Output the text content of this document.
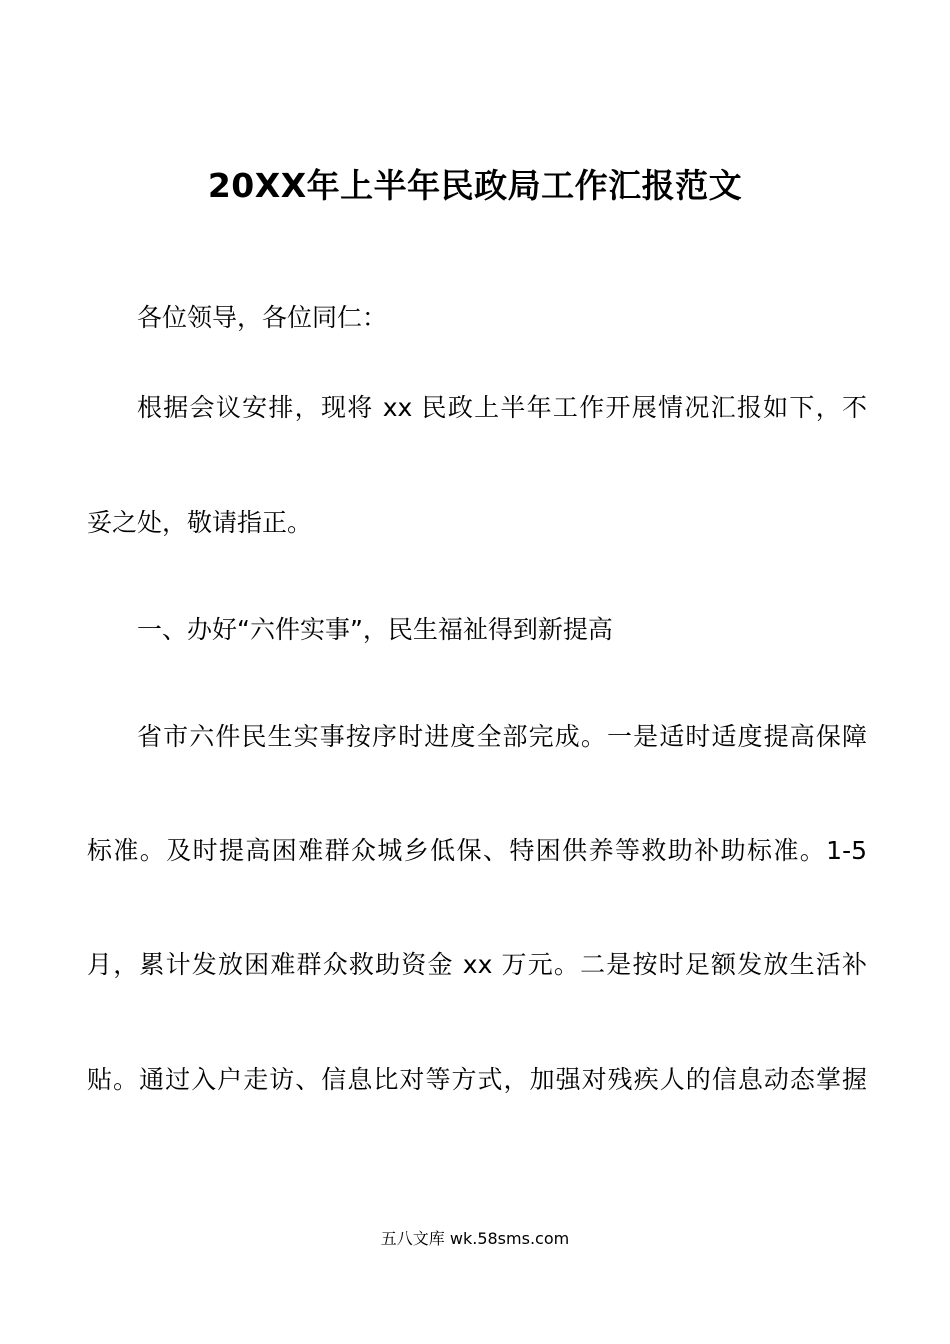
20XX年上半年民政局工作汇报范文
各位领导，各位同仁：
根据会议安排，现将 xx 民政上半年工作开展情况汇报如下，不
妥之处，敬请指正。
一、办好“六件实事”，民生福祉得到新提高
省市六件民生实事按序时进度全部完成。一是适时适度提高保障
标准。及时提高困难群众城乡低保、特困供养等救助补助标准。1-5
月，累计发放困难群众救助资金 xx 万元。二是按时足额发放生活补
贴。通过入户走访、信息比对等方式，加强对残疾人的信息动态掌握
五八文库 wk.58sms.com
